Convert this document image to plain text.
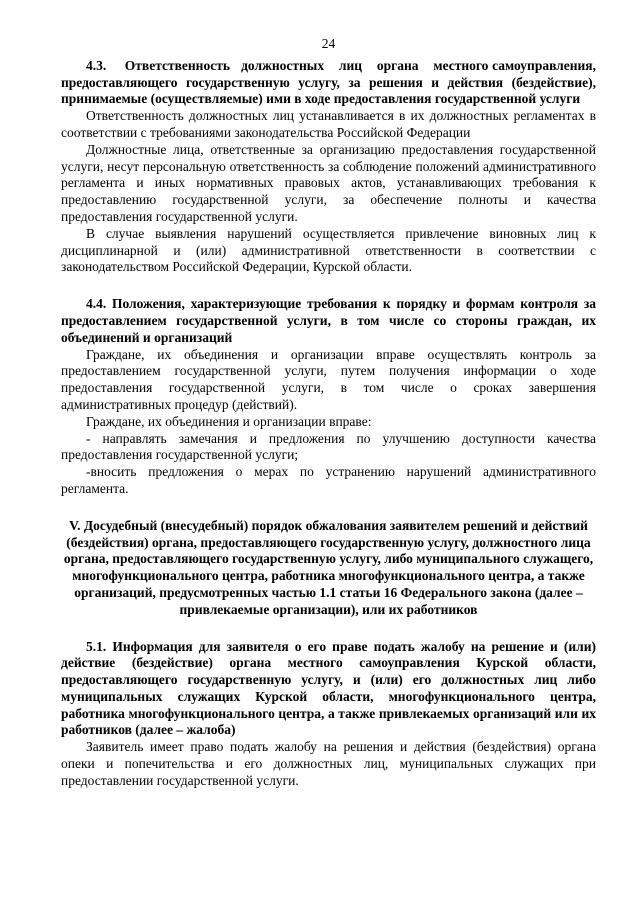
24

4.3.     Ответственность   должностных    лиц    органа    местного самоуправления, предоставляющего государственную услугу, за решения и действия (бездействие), принимаемые (осуществляемые) ими в ходе предоставления государственной услуги

Ответственность должностных лиц устанавливается в их должностных регламентах в соответствии с требованиями законодательства Российской Федерации

Должностные лица, ответственные за организацию предоставления государственной услуги, несут персональную ответственность за соблюдение положений административного регламента и иных нормативных правовых актов, устанавливающих требования к предоставлению государственной услуги, за обеспечение полноты и качества предоставления государственной услуги.

В случае выявления нарушений осуществляется привлечение виновных лиц к дисциплинарной и (или) административной ответственности в соответствии с законодательством Российской Федерации, Курской области.

4.4. Положения, характеризующие требования к порядку и формам контроля за предоставлением государственной услуги, в том числе со стороны граждан, их объединений и организаций

Граждане, их объединения и организации вправе осуществлять контроль за предоставлением государственной услуги, путем получения информации о ходе предоставления государственной услуги, в том числе о сроках завершения административных процедур (действий).

Граждане, их объединения и организации вправе:

- направлять замечания и предложения по улучшению доступности качества предоставления государственной услуги;

-вносить предложения о мерах по устранению нарушений административного регламента.

V. Досудебный (внесудебный) порядок обжалования заявителем решений и действий (бездействия) органа, предоставляющего государственную услугу, должностного лица органа, предоставляющего государственную услугу, либо муниципального служащего, многофункционального центра, работника многофункционального центра, а также организаций, предусмотренных частью 1.1 статьи 16 Федерального закона (далее – привлекаемые организации), или их работников

5.1. Информация для заявителя о его праве подать жалобу на решение и (или) действие (бездействие) органа местного самоуправления Курской области, предоставляющего государственную услугу, и (или) его должностных лиц либо муниципальных служащих Курской области, многофункционального центра, работника многофункционального центра, а также привлекаемых организаций или их работников (далее – жалоба)

Заявитель имеет право подать жалобу на решения и действия (бездействия) органа опеки и попечительства и его должностных лиц, муниципальных служащих при предоставлении государственной услуги.
